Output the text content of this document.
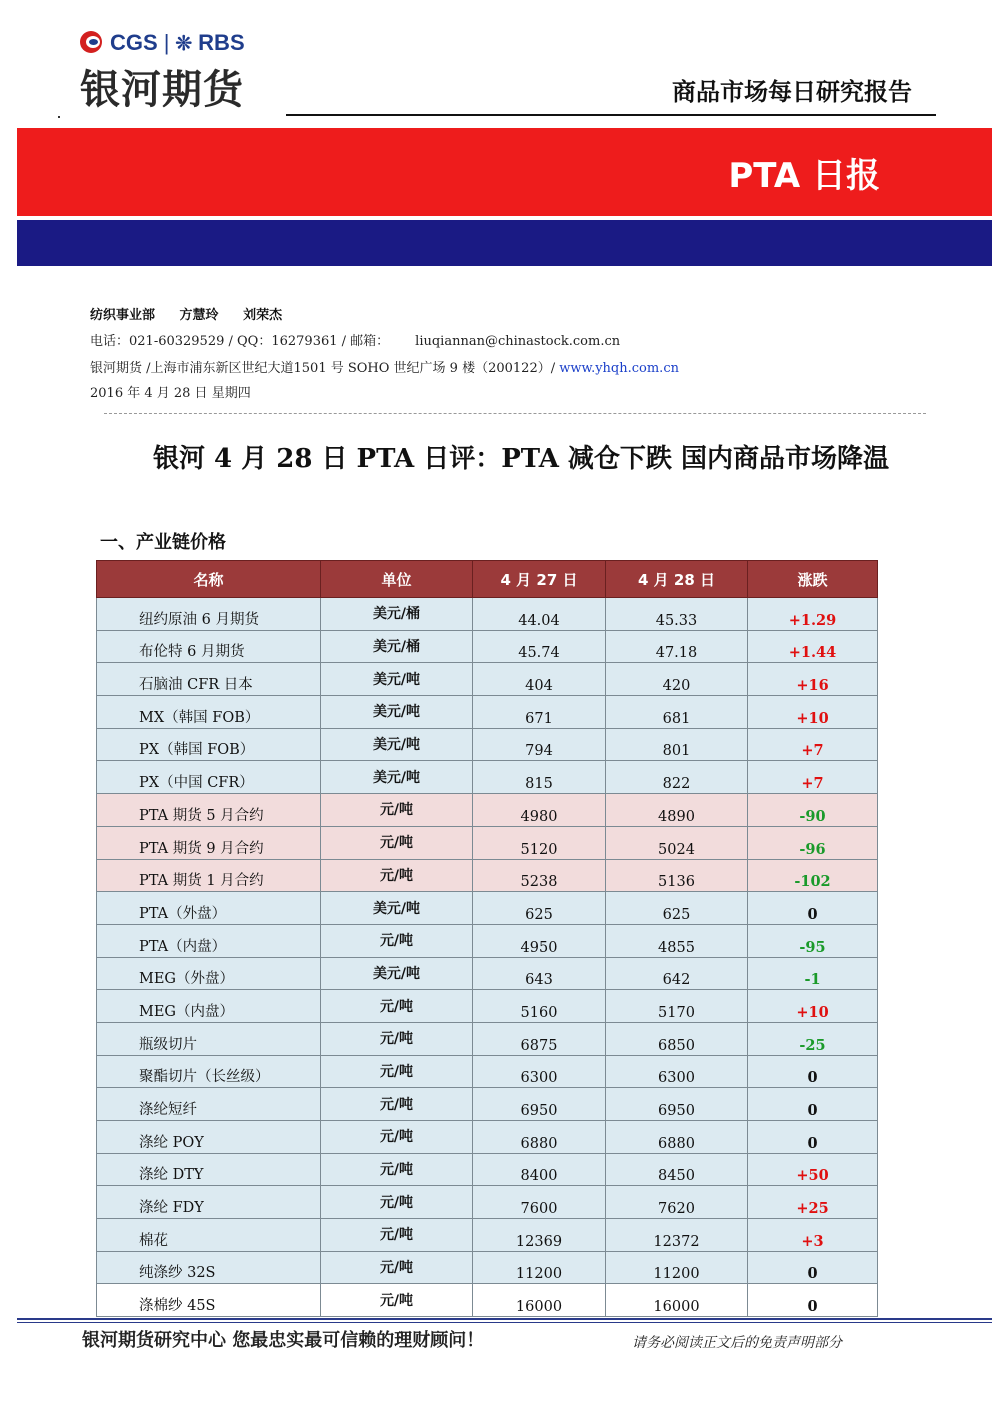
CGS | ❊ RBS
银河期货	商品市场每日研究报告
PTA 日报
纺织事业部 方慧玲 刘荣杰
电话：021-60329529 / QQ：16279361 / 邮箱： liuqiannan@chinastock.com.cn
银河期货 /上海市浦东新区世纪大道1501 号 SOHO 世纪广场 9 楼（200122）/ www.yhqh.com.cn
2016 年 4 月 28 日 星期四
银河 4 月 28 日 PTA 日评：PTA 减仓下跌 国内商品市场降温
一、产业链价格
名称	单位	4 月 27 日	4 月 28 日	涨跌
纽约原油 6 月期货	美元/桶	44.04	45.33	+1.29
布伦特 6 月期货	美元/桶	45.74	47.18	+1.44
石脑油 CFR 日本	美元/吨	404	420	+16
MX（韩国 FOB）	美元/吨	671	681	+10
PX（韩国 FOB）	美元/吨	794	801	+7
PX（中国 CFR）	美元/吨	815	822	+7
PTA 期货 5 月合约	元/吨	4980	4890	-90
PTA 期货 9 月合约	元/吨	5120	5024	-96
PTA 期货 1 月合约	元/吨	5238	5136	-102
PTA（外盘）	美元/吨	625	625	0
PTA（内盘）	元/吨	4950	4855	-95
MEG（外盘）	美元/吨	643	642	-1
MEG（内盘）	元/吨	5160	5170	+10
瓶级切片	元/吨	6875	6850	-25
聚酯切片（长丝级）	元/吨	6300	6300	0
涤纶短纤	元/吨	6950	6950	0
涤纶 POY	元/吨	6880	6880	0
涤纶 DTY	元/吨	8400	8450	+50
涤纶 FDY	元/吨	7600	7620	+25
棉花	元/吨	12369	12372	+3
纯涤纱 32S	元/吨	11200	11200	0
涤棉纱 45S	元/吨	16000	16000	0
银河期货研究中心 您最忠实最可信赖的理财顾问！	请务必阅读正文后的免责声明部分
